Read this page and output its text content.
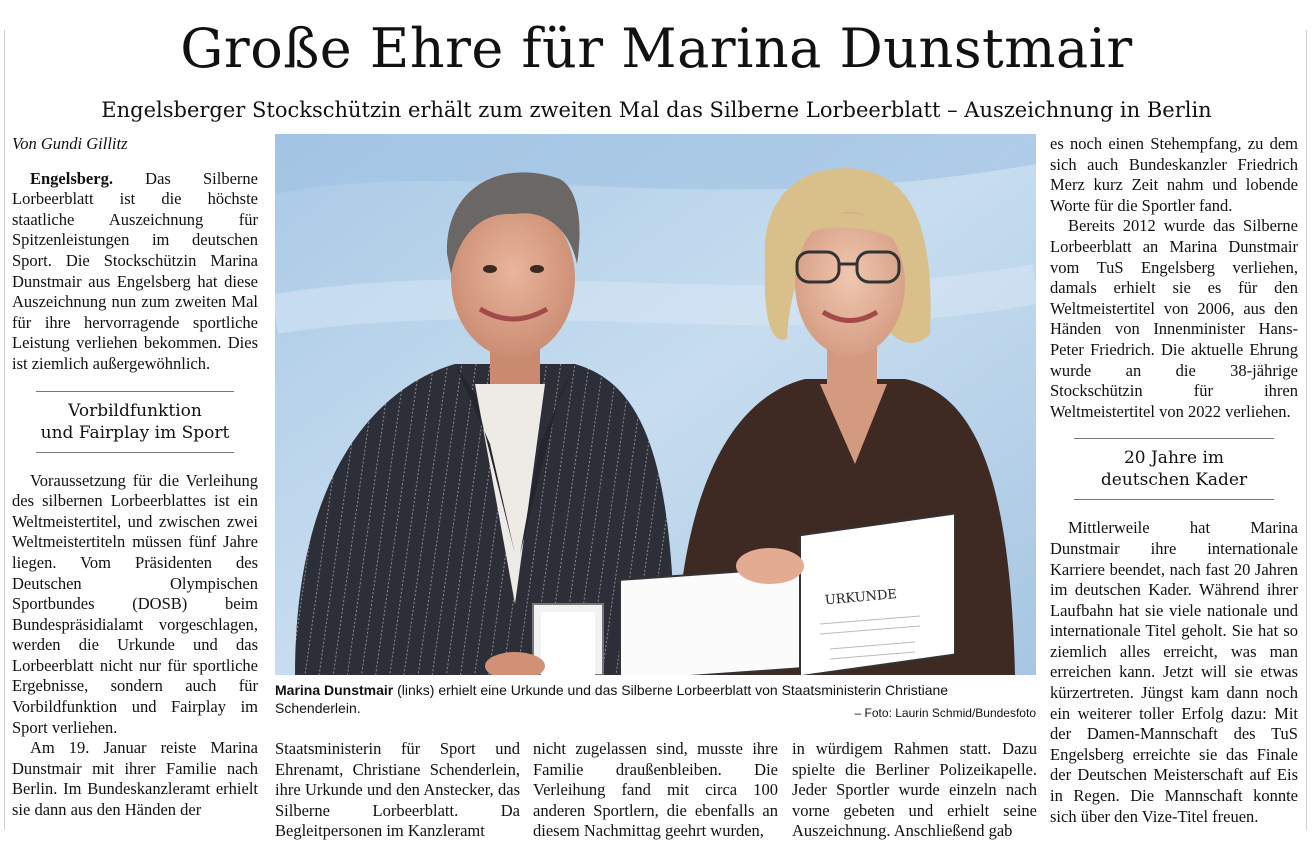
Große Ehre für Marina Dunstmair
Engelsberger Stockschützin erhält zum zweiten Mal das Silberne Lorbeerblatt – Auszeichnung in Berlin

Von Gundi Gillitz

Engelsberg. Das Silberne Lorbeerblatt ist die höchste staatliche Auszeichnung für Spitzenleistungen im deutschen Sport. Die Stockschützin Marina Dunstmair aus Engelsberg hat diese Auszeichnung nun zum zweiten Mal für ihre hervorragende sportliche Leistung verliehen bekommen. Dies ist ziemlich außergewöhnlich.

Vorbildfunktion
und Fairplay im Sport

Voraussetzung für die Verleihung des silbernen Lorbeerblattes ist ein Weltmeistertitel, und zwischen zwei Weltmeistertiteln müssen fünf Jahre liegen. Vom Präsidenten des Deutschen Olympischen Sportbundes (DOSB) beim Bundespräsidialamt vorgeschlagen, werden die Urkunde und das Lorbeerblatt nicht nur für sportliche Ergebnisse, sondern auch für Vorbildfunktion und Fairplay im Sport verliehen.

Am 19. Januar reiste Marina Dunstmair mit ihrer Familie nach Berlin. Im Bundeskanzleramt erhielt sie dann aus den Händen der

URKUNDE
Marina Dunstmair (links) erhielt eine Urkunde und das Silberne Lorbeerblatt von Staatsministerin Christiane Schenderlein.	– Foto: Laurin Schmid/Bundesfoto
Staatsministerin für Sport und Ehrenamt, Christiane Schenderlein, ihre Urkunde und den Anstecker, das Silberne Lorbeerblatt. Da Begleitpersonen im Kanzleramt
nicht zugelassen sind, musste ihre Familie draußenbleiben. Die Verleihung fand mit circa 100 anderen Sportlern, die ebenfalls an diesem Nachmittag geehrt wurden,
in würdigem Rahmen statt. Dazu spielte die Berliner Polizeikapelle. Jeder Sportler wurde einzeln nach vorne gebeten und erhielt seine Auszeichnung. Anschließend gab

es noch einen Stehempfang, zu dem sich auch Bundeskanzler Friedrich Merz kurz Zeit nahm und lobende Worte für die Sportler fand.

Bereits 2012 wurde das Silberne Lorbeerblatt an Marina Dunstmair vom TuS Engelsberg verliehen, damals erhielt sie es für den Weltmeistertitel von 2006, aus den Händen von Innenminister Hans-Peter Friedrich. Die aktuelle Ehrung wurde an die 38-jährige Stockschützin für ihren Weltmeistertitel von 2022 verliehen.

20 Jahre im
deutschen Kader

Mittlerweile hat Marina Dunstmair ihre internationale Karriere beendet, nach fast 20 Jahren im deutschen Kader. Während ihrer Laufbahn hat sie viele nationale und internationale Titel geholt. Sie hat so ziemlich alles erreicht, was man erreichen kann. Jetzt will sie etwas kürzertreten. Jüngst kam dann noch ein weiterer toller Erfolg dazu: Mit der Damen-Mannschaft des TuS Engelsberg erreichte sie das Finale der Deutschen Meisterschaft auf Eis in Regen. Die Mannschaft konnte sich über den Vize-Titel freuen.
